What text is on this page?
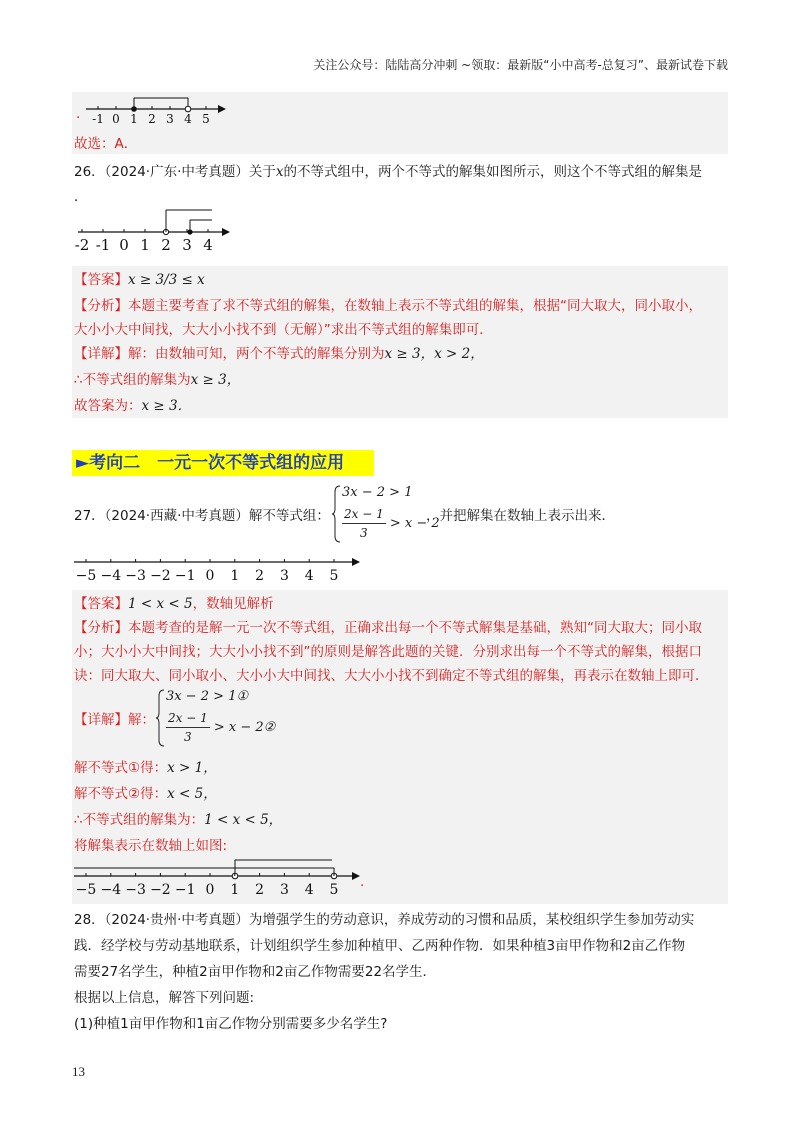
关注公众号：陆陆高分冲刺 ~领取：最新版“小中高考-总复习”、最新试卷下载
-1 0 1 2 3 4 5
·
故选：A．
26．（2024·广东·中考真题）关于x的不等式组中，两个不等式的解集如图所示，则这个不等式组的解集是
．
-2 -1 0 1 2 3 4
【答案】x ≥ 3/3 ≤ x
【分析】本题主要考查了求不等式组的解集，在数轴上表示不等式组的解集，根据“同大取大，同小取小，
大小小大中间找，大大小小找不到（无解）”求出不等式组的解集即可．
【详解】解：由数轴可知，两个不等式的解集分别为x ≥ 3，x > 2，
∴不等式组的解集为x ≥ 3，
故答案为：x ≥ 3．
►考向二　一元一次不等式组的应用
27．（2024·西藏·中考真题）解不等式组：
3x − 2 > 1
$\frac{2x - 1}{3} > x - 2$
，并把解集在数轴上表示出来．
−5 −4 −3 −2 −1 0 1 2 3 4 5
【答案】1 < x < 5，数轴见解析
【分析】本题考查的是解一元一次不等式组，正确求出每一个不等式解集是基础，熟知“同大取大；同小取
小；大小小大中间找；大大小小找不到”的原则是解答此题的关键．分别求出每一个不等式的解集，根据口
诀：同大取大、同小取小、大小小大中间找、大大小小找不到确定不等式组的解集，再表示在数轴上即可．
【详解】解：
3x − 2 > 1①
$\frac{2x - 1}{3} > x$ − 2②
解不等式①得：x > 1，
解不等式②得：x < 5，
∴不等式组的解集为：1 < x < 5，
将解集表示在数轴上如图:
−5 −4 −3 −2 −1 0 1 2 3 4 5 ·
28．（2024·贵州·中考真题）为增强学生的劳动意识，养成劳动的习惯和品质，某校组织学生参加劳动实
践．经学校与劳动基地联系，计划组织学生参加种植甲、乙两种作物．如果种植3亩甲作物和2亩乙作物
需要27名学生，种植2亩甲作物和2亩乙作物需要22名学生．
根据以上信息，解答下列问题:
(1)种植1亩甲作物和1亩乙作物分别需要多少名学生?
13
